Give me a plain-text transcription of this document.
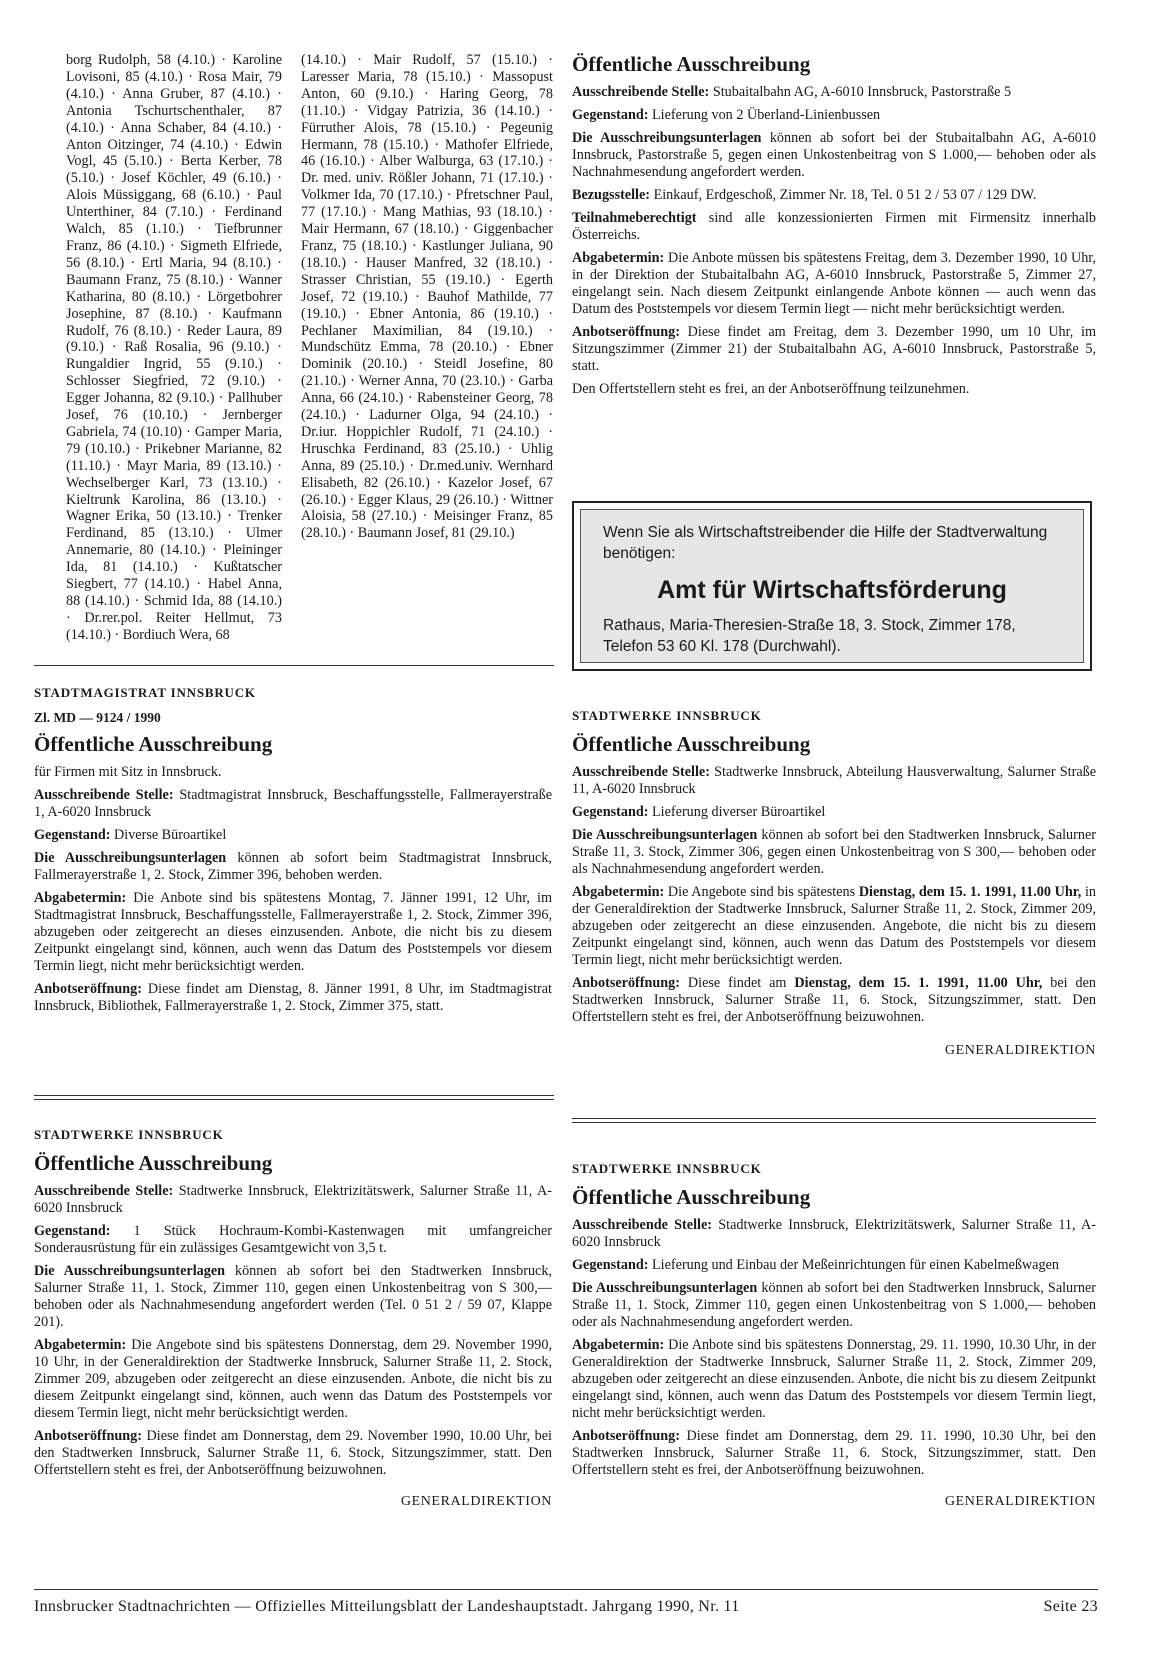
borg Rudolph, 58 (4.10.) · Karoline Lovisoni, 85 (4.10.) · Rosa Mair, 79 (4.10.) · Anna Gruber, 87 (4.10.) · Antonia Tschurtschenthaler, 87 (4.10.) · Anna Schaber, 84 (4.10.) · Anton Oitzinger, 74 (4.10.) · Edwin Vogl, 45 (5.10.) · Berta Kerber, 78 (5.10.) · Josef Köchler, 49 (6.10.) · Alois Müssiggang, 68 (6.10.) · Paul Unterthiner, 84 (7.10.) · Ferdinand Walch, 85 (1.10.) · Tiefbrunner Franz, 86 (4.10.) · Sigmeth Elfriede, 56 (8.10.) · Ertl Maria, 94 (8.10.) · Baumann Franz, 75 (8.10.) · Wanner Katharina, 80 (8.10.) · Lörgetbohrer Josephine, 87 (8.10.) · Kaufmann Rudolf, 76 (8.10.) · Reder Laura, 89 (9.10.) · Raß Rosalia, 96 (9.10.) · Rungaldier Ingrid, 55 (9.10.) · Schlosser Siegfried, 72 (9.10.) · Egger Johanna, 82 (9.10.) · Pallhuber Josef, 76 (10.10.) · Jernberger Gabriela, 74 (10.10) · Gamper Maria, 79 (10.10.) · Prikebner Marianne, 82 (11.10.) · Mayr Maria, 89 (13.10.) · Wechselberger Karl, 73 (13.10.) · Kieltrunk Karolina, 86 (13.10.) · Wagner Erika, 50 (13.10.) · Trenker Ferdinand, 85 (13.10.) · Ulmer Annemarie, 80 (14.10.) · Pleininger Ida, 81 (14.10.) · Kußtatscher Siegbert, 77 (14.10.) · Habel Anna, 88 (14.10.) · Schmid Ida, 88 (14.10.) · Dr.rer.pol. Reiter Hellmut, 73 (14.10.) · Bordiuch Wera, 68
(14.10.) · Mair Rudolf, 57 (15.10.) · Laresser Maria, 78 (15.10.) · Massopust Anton, 60 (9.10.) · Haring Georg, 78 (11.10.) · Vidgay Patrizia, 36 (14.10.) · Fürruther Alois, 78 (15.10.) · Pegeunig Hermann, 78 (15.10.) · Mathofer Elfriede, 46 (16.10.) · Alber Walburga, 63 (17.10.) · Dr. med. univ. Rößler Johann, 71 (17.10.) · Volkmer Ida, 70 (17.10.) · Pfretschner Paul, 77 (17.10.) · Mang Mathias, 93 (18.10.) · Mair Hermann, 67 (18.10.) · Giggenbacher Franz, 75 (18.10.) · Kastlunger Juliana, 90 (18.10.) · Hauser Manfred, 32 (18.10.) · Strasser Christian, 55 (19.10.) · Egerth Josef, 72 (19.10.) · Bauhof Mathilde, 77 (19.10.) · Ebner Antonia, 86 (19.10.) · Pechlaner Maximilian, 84 (19.10.) · Mundschütz Emma, 78 (20.10.) · Ebner Dominik (20.10.) · Steidl Josefine, 80 (21.10.) · Werner Anna, 70 (23.10.) · Garba Anna, 66 (24.10.) · Rabensteiner Georg, 78 (24.10.) · Ladurner Olga, 94 (24.10.) · Dr.iur. Hoppichler Rudolf, 71 (24.10.) · Hruschka Ferdinand, 83 (25.10.) · Uhlig Anna, 89 (25.10.) · Dr.med.univ. Wernhard Elisabeth, 82 (26.10.) · Kazelor Josef, 67 (26.10.) · Egger Klaus, 29 (26.10.) · Wittner Aloisia, 58 (27.10.) · Meisinger Franz, 85 (28.10.) · Baumann Josef, 81 (29.10.)
Öffentliche Ausschreibung

Ausschreibende Stelle: Stubaitalbahn AG, A-6010 Innsbruck, Pastorstraße 5

Gegenstand: Lieferung von 2 Überland-Linienbussen

Die Ausschreibungsunterlagen können ab sofort bei der Stubaitalbahn AG, A-6010 Innsbruck, Pastorstraße 5, gegen einen Unkostenbeitrag von S 1.000,— behoben oder als Nachnahmesendung angefordert werden.

Bezugsstelle: Einkauf, Erdgeschoß, Zimmer Nr. 18, Tel. 0 51 2 / 53 07 / 129 DW.

Teilnahmeberechtigt sind alle konzessionierten Firmen mit Firmensitz innerhalb Österreichs.

Abgabetermin: Die Anbote müssen bis spätestens Freitag, dem 3. Dezember 1990, 10 Uhr, in der Direktion der Stubaitalbahn AG, A-6010 Innsbruck, Pastorstraße 5, Zimmer 27, eingelangt sein. Nach diesem Zeitpunkt einlangende Anbote können — auch wenn das Datum des Poststempels vor diesem Termin liegt — nicht mehr berücksichtigt werden.

Anbotseröffnung: Diese findet am Freitag, dem 3. Dezember 1990, um 10 Uhr, im Sitzungszimmer (Zimmer 21) der Stubaitalbahn AG, A-6010 Innsbruck, Pastorstraße 5, statt.

Den Offertstellern steht es frei, an der Anbotseröffnung teilzunehmen.

Wenn Sie als Wirtschaftstreibender die Hilfe der Stadtverwaltung benötigen:

Amt für Wirtschaftsförderung

Rathaus, Maria-Theresien-Straße 18, 3. Stock, Zimmer 178, Telefon 53 60 Kl. 178 (Durchwahl).

STADTMAGISTRAT INNSBRUCK
Zl. MD — 9124 / 1990
Öffentliche Ausschreibung

für Firmen mit Sitz in Innsbruck.

Ausschreibende Stelle: Stadtmagistrat Innsbruck, Beschaffungsstelle, Fallmerayerstraße 1, A-6020 Innsbruck

Gegenstand: Diverse Büroartikel

Die Ausschreibungsunterlagen können ab sofort beim Stadtmagistrat Innsbruck, Fallmerayerstraße 1, 2. Stock, Zimmer 396, behoben werden.

Abgabetermin: Die Anbote sind bis spätestens Montag, 7. Jänner 1991, 12 Uhr, im Stadtmagistrat Innsbruck, Beschaffungsstelle, Fallmerayerstraße 1, 2. Stock, Zimmer 396, abzugeben oder zeitgerecht an dieses einzusenden. Anbote, die nicht bis zu diesem Zeitpunkt eingelangt sind, können, auch wenn das Datum des Poststempels vor diesem Termin liegt, nicht mehr berücksichtigt werden.

Anbotseröffnung: Diese findet am Dienstag, 8. Jänner 1991, 8 Uhr, im Stadtmagistrat Innsbruck, Bibliothek, Fallmerayerstraße 1, 2. Stock, Zimmer 375, statt.

STADTWERKE INNSBRUCK
Öffentliche Ausschreibung

Ausschreibende Stelle: Stadtwerke Innsbruck, Abteilung Hausverwaltung, Salurner Straße 11, A-6020 Innsbruck

Gegenstand: Lieferung diverser Büroartikel

Die Ausschreibungsunterlagen können ab sofort bei den Stadtwerken Innsbruck, Salurner Straße 11, 3. Stock, Zimmer 306, gegen einen Unkostenbeitrag von S 300,— behoben oder als Nachnahmesendung angefordert werden.

Abgabetermin: Die Angebote sind bis spätestens Dienstag, dem 15. 1. 1991, 11.00 Uhr, in der Generaldirektion der Stadtwerke Innsbruck, Salurner Straße 11, 2. Stock, Zimmer 209, abzugeben oder zeitgerecht an diese einzusenden. Angebote, die nicht bis zu diesem Zeitpunkt eingelangt sind, können, auch wenn das Datum des Poststempels vor diesem Termin liegt, nicht mehr berücksichtigt werden.

Anbotseröffnung: Diese findet am Dienstag, dem 15. 1. 1991, 11.00 Uhr, bei den Stadtwerken Innsbruck, Salurner Straße 11, 6. Stock, Sitzungszimmer, statt. Den Offertstellern steht es frei, der Anbotseröffnung beizuwohnen.

GENERALDIREKTION
STADTWERKE INNSBRUCK
Öffentliche Ausschreibung

Ausschreibende Stelle: Stadtwerke Innsbruck, Elektrizitätswerk, Salurner Straße 11, A-6020 Innsbruck

Gegenstand: 1 Stück Hochraum-Kombi-Kastenwagen mit umfangreicher Sonderausrüstung für ein zulässiges Gesamtgewicht von 3,5 t.

Die Ausschreibungsunterlagen können ab sofort bei den Stadtwerken Innsbruck, Salurner Straße 11, 1. Stock, Zimmer 110, gegen einen Unkostenbeitrag von S 300,— behoben oder als Nachnahmesendung angefordert werden (Tel. 0 51 2 / 59 07, Klappe 201).

Abgabetermin: Die Angebote sind bis spätestens Donnerstag, dem 29. November 1990, 10 Uhr, in der Generaldirektion der Stadtwerke Innsbruck, Salurner Straße 11, 2. Stock, Zimmer 209, abzugeben oder zeitgerecht an diese einzusenden. Anbote, die nicht bis zu diesem Zeitpunkt eingelangt sind, können, auch wenn das Datum des Poststempels vor diesem Termin liegt, nicht mehr berücksichtigt werden.

Anbotseröffnung: Diese findet am Donnerstag, dem 29. November 1990, 10.00 Uhr, bei den Stadtwerken Innsbruck, Salurner Straße 11, 6. Stock, Sitzungszimmer, statt. Den Offertstellern steht es frei, der Anbotseröffnung beizuwohnen.

GENERALDIREKTION
STADTWERKE INNSBRUCK
Öffentliche Ausschreibung

Ausschreibende Stelle: Stadtwerke Innsbruck, Elektrizitätswerk, Salurner Straße 11, A-6020 Innsbruck

Gegenstand: Lieferung und Einbau der Meßeinrichtungen für einen Kabelmeßwagen

Die Ausschreibungsunterlagen können ab sofort bei den Stadtwerken Innsbruck, Salurner Straße 11, 1. Stock, Zimmer 110, gegen einen Unkostenbeitrag von S 1.000,— behoben oder als Nachnahmesendung angefordert werden.

Abgabetermin: Die Anbote sind bis spätestens Donnerstag, 29. 11. 1990, 10.30 Uhr, in der Generaldirektion der Stadtwerke Innsbruck, Salurner Straße 11, 2. Stock, Zimmer 209, abzugeben oder zeitgerecht an diese einzusenden. Anbote, die nicht bis zu diesem Zeitpunkt eingelangt sind, können, auch wenn das Datum des Poststempels vor diesem Termin liegt, nicht mehr berücksichtigt werden.

Anbotseröffnung: Diese findet am Donnerstag, dem 29. 11. 1990, 10.30 Uhr, bei den Stadtwerken Innsbruck, Salurner Straße 11, 6. Stock, Sitzungszimmer, statt. Den Offertstellern steht es frei, der Anbotseröffnung beizuwohnen.

GENERALDIREKTION
Innsbrucker Stadtnachrichten — Offizielles Mitteilungsblatt der Landeshauptstadt. Jahrgang 1990, Nr. 11	Seite 23
